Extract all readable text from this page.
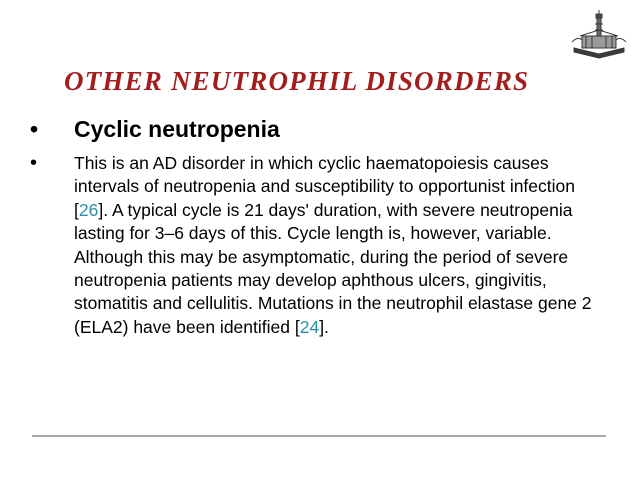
OTHER NEUTROPHIL DISORDERS
• Cyclic neutropenia
• This is an AD disorder in which cyclic haematopoiesis causes intervals of neutropenia and susceptibility to opportunist infection [26]. A typical cycle is 21 days' duration, with severe neutropenia lasting for 3–6 days of this. Cycle length is, however, variable. Although this may be asymptomatic, during the period of severe neutropenia patients may develop aphthous ulcers, gingivitis, stomatitis and cellulitis. Mutations in the neutrophil elastase gene 2 (ELA2) have been identified [24].
